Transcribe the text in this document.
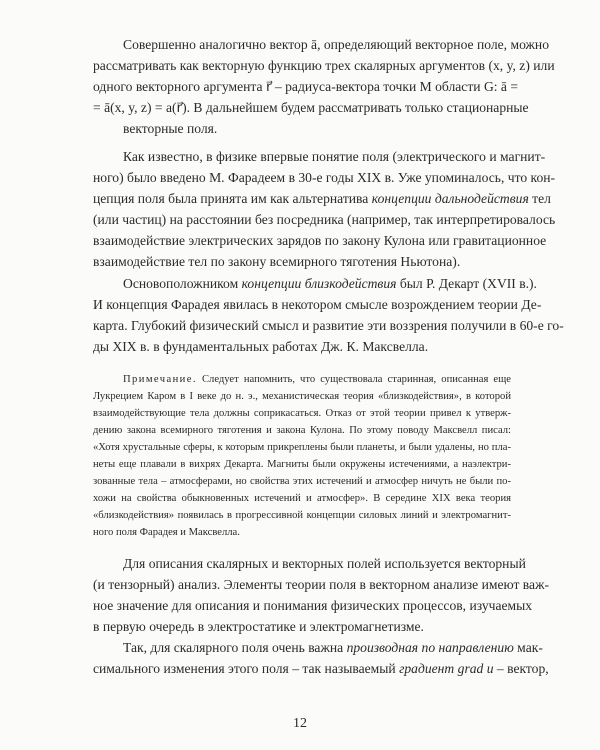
Совершенно аналогично вектор ā, определяющий векторное поле, можно
рассматривать как векторную функцию трех скалярных аргументов (x, y, z) или
одного векторного аргумента r⃗ – радиуса-вектора точки M области G: ā =
= ā(x, y, z) = a(r⃗). В дальнейшем будем рассматривать только стационарные
векторные поля.
Как известно, в физике впервые понятие поля (электрического и магнит-
ного) было введено М. Фарадеем в 30-е годы XIX в. Уже упоминалось, что кон-
цепция поля была принята им как альтернатива концепции дальнодействия тел
(или частиц) на расстоянии без посредника (например, так интерпретировалось
взаимодействие электрических зарядов по закону Кулона или гравитационное
взаимодействие тел по закону всемирного тяготения Ньютона).
Основоположником концепции близкодействия был Р. Декарт (XVII в.).
И концепция Фарадея явилась в некотором смысле возрождением теории Де-
карта. Глубокий физический смысл и развитие эти воззрения получили в 60-е го-
ды XIX в. в фундаментальных работах Дж. К. Максвелла.
Примечание. Следует напомнить, что существовала старинная, описанная еще
Лукрецием Каром в I веке до н. э., механистическая теория «близкодействия», в которой
взаимодействующие тела должны соприкасаться. Отказ от этой теории привел к утверж-
дению закона всемирного тяготения и закона Кулона. По этому поводу Максвелл писал:
«Хотя хрустальные сферы, к которым прикреплены были планеты, и были удалены, но пла-
неты еще плавали в вихрях Декарта. Магниты были окружены истечениями, а наэлектри-
зованные тела – атмосферами, но свойства этих истечений и атмосфер ничуть не были по-
хожи на свойства обыкновенных истечений и атмосфер». В середине XIX века теория
«близкодействия» появилась в прогрессивной концепции силовых линий и электромагнит-
ного поля Фарадея и Максвелла.
Для описания скалярных и векторных полей используется векторный
(и тензорный) анализ. Элементы теории поля в векторном анализе имеют важ-
ное значение для описания и понимания физических процессов, изучаемых
в первую очередь в электростатике и электромагнетизме.
Так, для скалярного поля очень важна производная по направлению мак-
симального изменения этого поля – так называемый градиент grad u – вектор,
12
